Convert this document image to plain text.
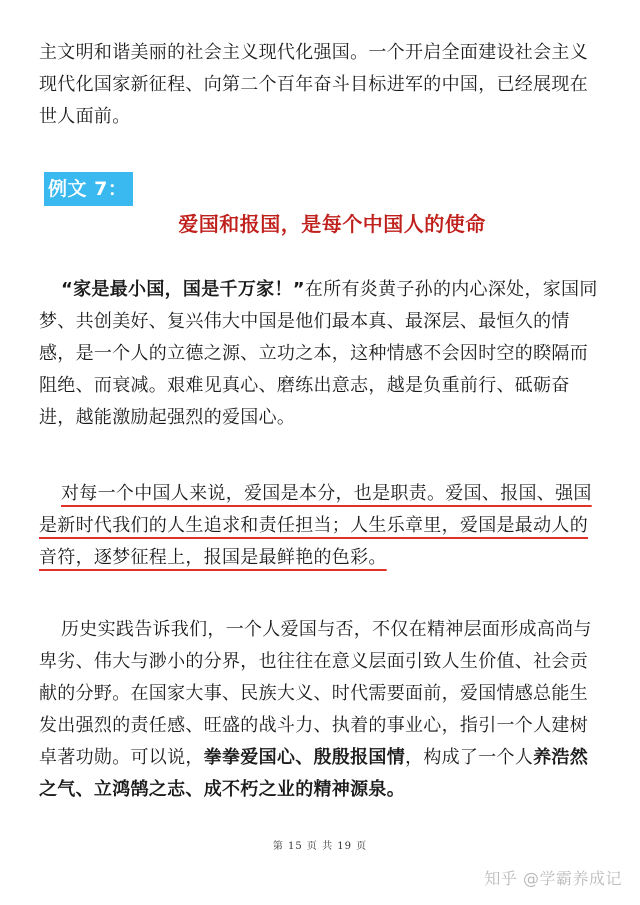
主文明和谐美丽的社会主义现代化强国。一个开启全面建设社会主义现代化国家新征程、向第二个百年奋斗目标进军的中国，已经展现在世人面前。

例文 7：
爱国和报国，是每个中国人的使命

“家是最小国，国是千万家！”在所有炎黄子孙的内心深处，家国同梦、共创美好、复兴伟大中国是他们最本真、最深层、最恒久的情感，是一个人的立德之源、立功之本，这种情感不会因时空的睽隔而阻绝、而衰减。艰难见真心、磨练出意志，越是负重前行、砥砺奋进，越能激励起强烈的爱国心。

对每一个中国人来说，爱国是本分，也是职责。爱国、报国、强国是新时代我们的人生追求和责任担当；人生乐章里，爱国是最动人的音符，逐梦征程上，报国是最鲜艳的色彩。

历史实践告诉我们，一个人爱国与否，不仅在精神层面形成高尚与卑劣、伟大与渺小的分界，也往往在意义层面引致人生价值、社会贡献的分野。在国家大事、民族大义、时代需要面前，爱国情感总能生发出强烈的责任感、旺盛的战斗力、执着的事业心，指引一个人建树卓著功勋。可以说，拳拳爱国心、殷殷报国情，构成了一个人养浩然之气、立鸿鹄之志、成不朽之业的精神源泉。

第 15 页 共 19 页
知乎 @学霸养成记
